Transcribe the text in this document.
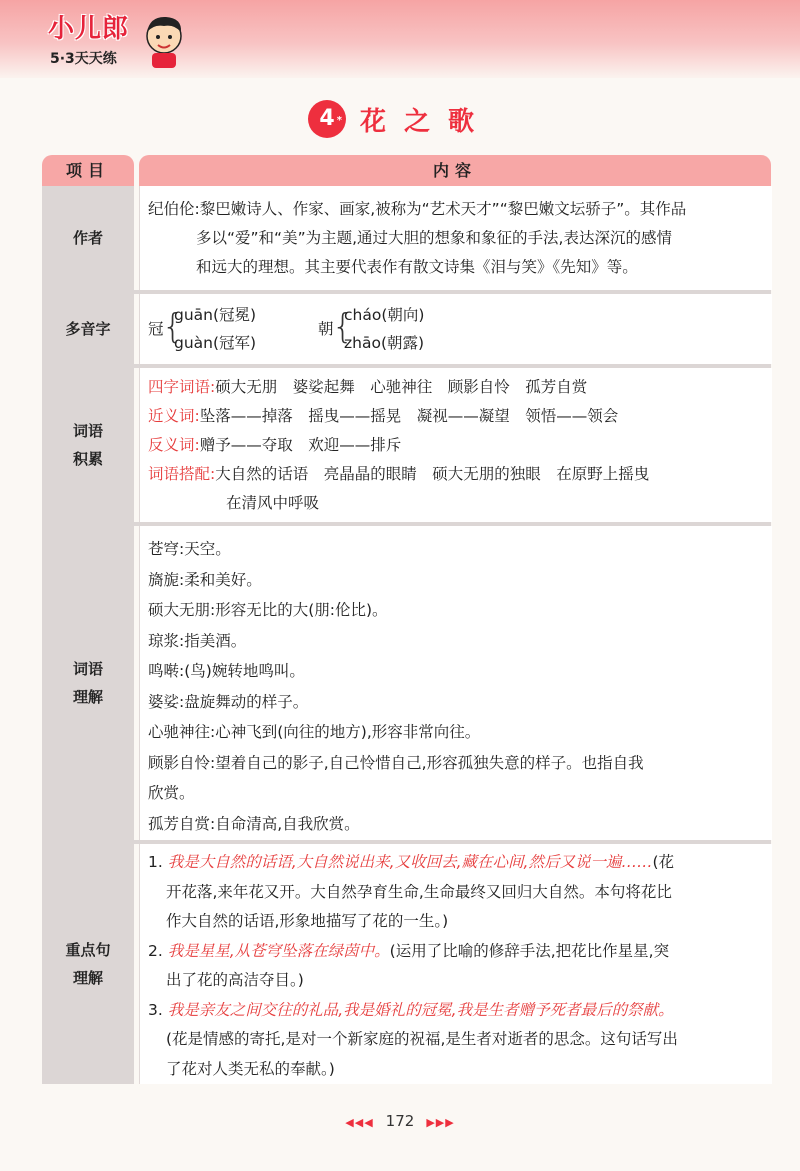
小儿郎
5·3天天练
4 * 花之歌
项目	内容
作者

纪伯伦:黎巴嫩诗人、作家、画家,被称为“艺术天才”“黎巴嫩文坛骄子”。其作品

多以“爱”和“美”为主题,通过大胆的想象和象征的手法,表达深沉的感情

和远大的理想。其主要代表作有散文诗集《泪与笑》《先知》等。

多音字 冠
{

guān(冠冕)

guàn(冠军)

朝
{

cháo(朝向)

zhāo(朝露)

词语
积累

四字词语:硕大无朋　婆娑起舞　心驰神往　顾影自怜　孤芳自赏

近义词:坠落——掉落　摇曳——摇晃　凝视——凝望　领悟——领会

反义词:赠予——夺取　欢迎——排斥

词语搭配:大自然的话语　亮晶晶的眼睛　硕大无朋的独眼　在原野上摇曳

在清风中呼吸

词语
理解

苍穹:天空。

旖旎:柔和美好。

硕大无朋:形容无比的大(朋:伦比)。

琼浆:指美酒。

鸣啭:(鸟)婉转地鸣叫。

婆娑:盘旋舞动的样子。

心驰神往:心神飞到(向往的地方),形容非常向往。

顾影自怜:望着自己的影子,自己怜惜自己,形容孤独失意的样子。也指自我

欣赏。

孤芳自赏:自命清高,自我欣赏。

重点句
理解

1. 我是大自然的话语,大自然说出来,又收回去,藏在心间,然后又说一遍……(花

开花落,来年花又开。大自然孕育生命,生命最终又回归大自然。本句将花比

作大自然的话语,形象地描写了花的一生。)

2. 我是星星,从苍穹坠落在绿茵中。(运用了比喻的修辞手法,把花比作星星,突

出了花的高洁夺目。)

3. 我是亲友之间交往的礼品,我是婚礼的冠冕,我是生者赠予死者最后的祭献。

(花是情感的寄托,是对一个新家庭的祝福,是生者对逝者的思念。这句话写出

了花对人类无私的奉献。)

◀◀◀ 172 ▶▶▶
